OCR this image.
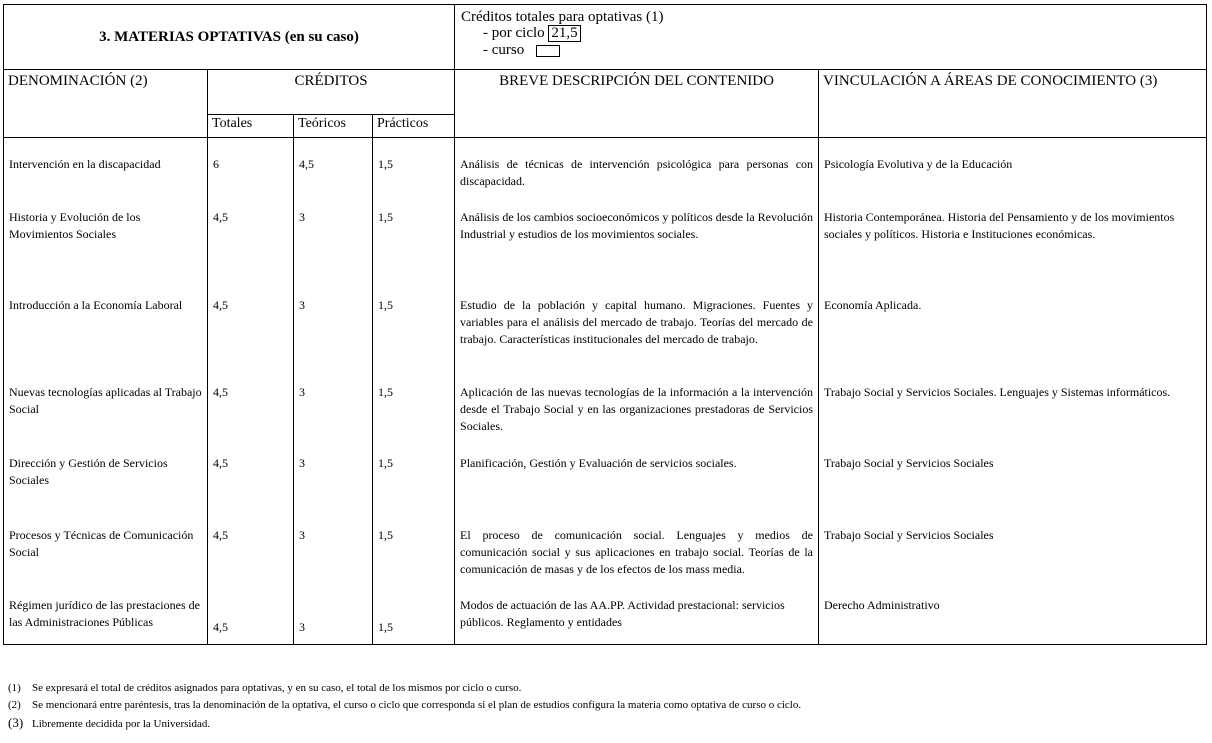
3. MATERIAS OPTATIVAS (en su caso)				Créditos totales para optativas (1)
- por ciclo 21,5
- curso	

DENOMINACIÓN (2)	CRÉDITOS			BREVE DESCRIPCIÓN DEL CONTENIDO	VINCULACIÓN A ÁREAS DE CONOCIMIENTO (3)
	Totales	Teóricos	Prácticos		

Intervención en la discapacidad	6	4,5	1,5	Análisis de técnicas de intervención psicológica para personas con discapacidad.	Psicología Evolutiva y de la Educación
Historia y Evolución de los Movimientos Sociales	4,5	3	1,5	Análisis de los cambios socioeconómicos y políticos desde la Revolución Industrial y estudios de los movimientos sociales.	Historia Contemporánea. Historia del Pensamiento y de los movimientos sociales y políticos. Historia e Instituciones económicas.
Introducción a la Economía Laboral	4,5	3	1,5	Estudio de la población y capital humano. Migraciones. Fuentes y variables para el análisis del mercado de trabajo. Teorías del mercado de trabajo. Características institucionales del mercado de trabajo.	Economía Aplicada.
Nuevas tecnologías aplicadas al Trabajo Social	4,5	3	1,5	Aplicación de las nuevas tecnologías de la información a la intervención desde el Trabajo Social y en las organizaciones prestadoras de Servicios Sociales.	Trabajo Social y Servicios Sociales. Lenguajes y Sistemas informáticos.
Dirección y Gestión de Servicios Sociales	4,5	3	1,5	Planificación, Gestión y Evaluación de servicios sociales.	Trabajo Social y Servicios Sociales
Procesos y Técnicas de Comunicación Social	4,5	3	1,5	El proceso de comunicación social. Lenguajes y medios de comunicación social y sus aplicaciones en trabajo social. Teorías de la comunicación de masas y de los efectos de los mass media.	Trabajo Social y Servicios Sociales
Régimen jurídico de las prestaciones de las Administraciones Públicas	4,5	3	1,5	Modos de actuación de las AA.PP. Actividad prestacional: servicios públicos. Reglamento y entidades	Derecho Administrativo
(1) Se expresará el total de créditos asignados para optativas, y en su caso, el total de los mismos por ciclo o curso.
(2) Se mencionará entre paréntesis, tras la denominación de la optativa, el curso o ciclo que corresponda si el plan de estudios configura la materia como optativa de curso o ciclo.
(3) Libremente decidida por la Universidad.
